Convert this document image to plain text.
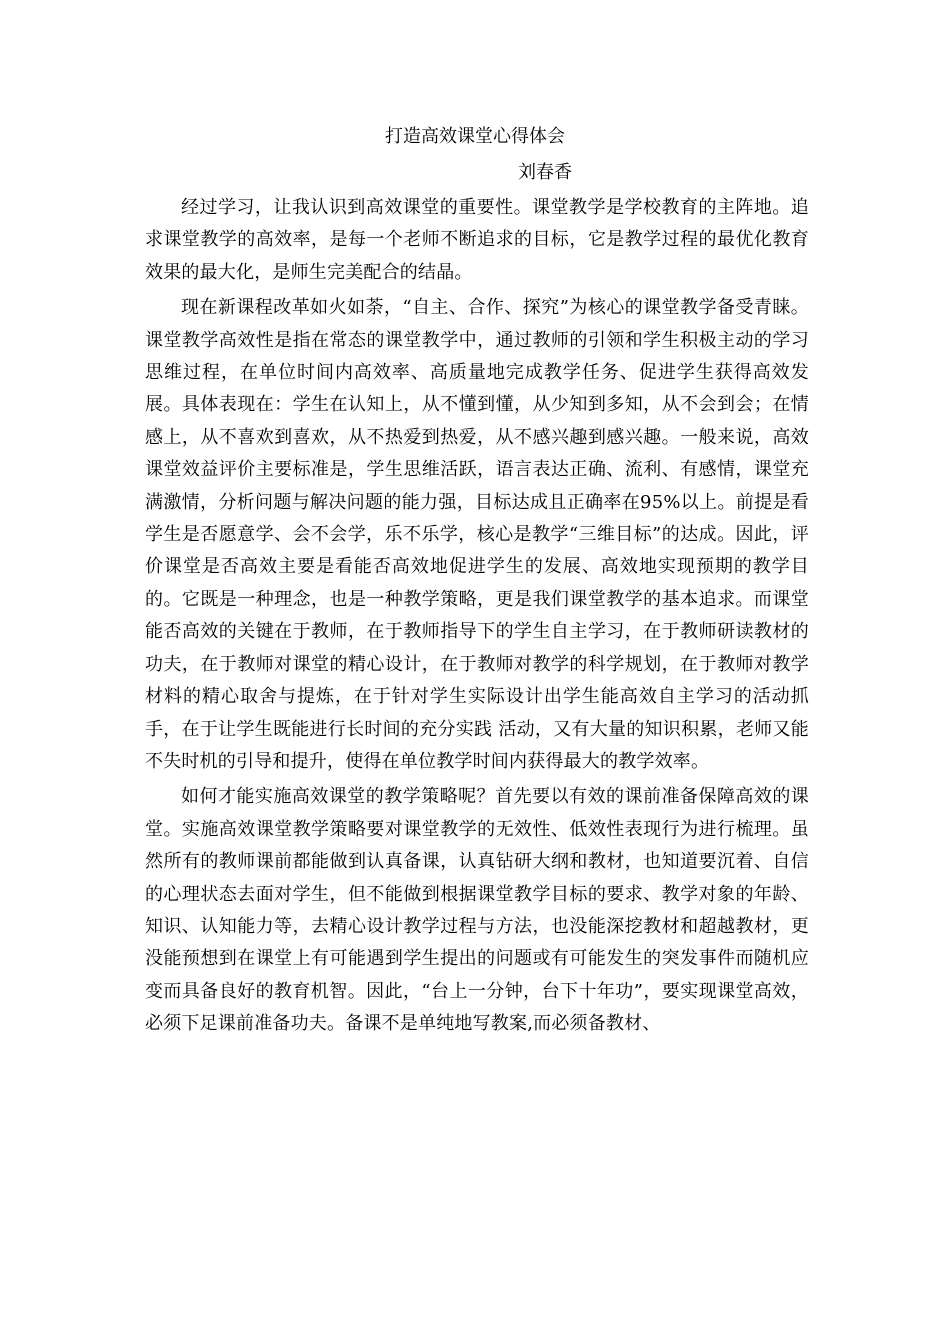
打造高效课堂心得体会

刘春香

经过学习，让我认识到高效课堂的重要性。课堂教学是学校教育的主阵地。追求课堂教学的高效率，是每一个老师不断追求的目标，它是教学过程的最优化教育效果的最大化，是师生完美配合的结晶。

现在新课程改革如火如荼，“自主、合作、探究”为核心的课堂教学备受青睐。课堂教学高效性是指在常态的课堂教学中，通过教师的引领和学生积极主动的学习思维过程，在单位时间内高效率、高质量地完成教学任务、促进学生获得高效发展。具体表现在：学生在认知上，从不懂到懂，从少知到多知，从不会到会；在情感上，从不喜欢到喜欢，从不热爱到热爱，从不感兴趣到感兴趣。一般来说，高效课堂效益评价主要标准是，学生思维活跃，语言表达正确、流利、有感情，课堂充满激情，分析问题与解决问题的能力强，目标达成且正确率在95%以上。前提是看学生是否愿意学、会不会学，乐不乐学，核心是教学“三维目标”的达成。因此，评价课堂是否高效主要是看能否高效地促进学生的发展、高效地实现预期的教学目的。它既是一种理念，也是一种教学策略，更是我们课堂教学的基本追求。而课堂能否高效的关键在于教师，在于教师指导下的学生自主学习，在于教师研读教材的功夫，在于教师对课堂的精心设计，在于教师对教学的科学规划，在于教师对教学材料的精心取舍与提炼，在于针对学生实际设计出学生能高效自主学习的活动抓手，在于让学生既能进行长时间的充分实践 活动，又有大量的知识积累，老师又能不失时机的引导和提升，使得在单位教学时间内获得最大的教学效率。

如何才能实施高效课堂的教学策略呢？首先要以有效的课前准备保障高效的课堂。实施高效课堂教学策略要对课堂教学的无效性、低效性表现行为进行梳理。虽然所有的教师课前都能做到认真备课，认真钻研大纲和教材，也知道要沉着、自信的心理状态去面对学生，但不能做到根据课堂教学目标的要求、教学对象的年龄、知识、认知能力等，去精心设计教学过程与方法，也没能深挖教材和超越教材，更没能预想到在课堂上有可能遇到学生提出的问题或有可能发生的突发事件而随机应变而具备良好的教育机智。因此，“台上一分钟，台下十年功”，要实现课堂高效，必须下足课前准备功夫。备课不是单纯地写教案,而必须备教材、
